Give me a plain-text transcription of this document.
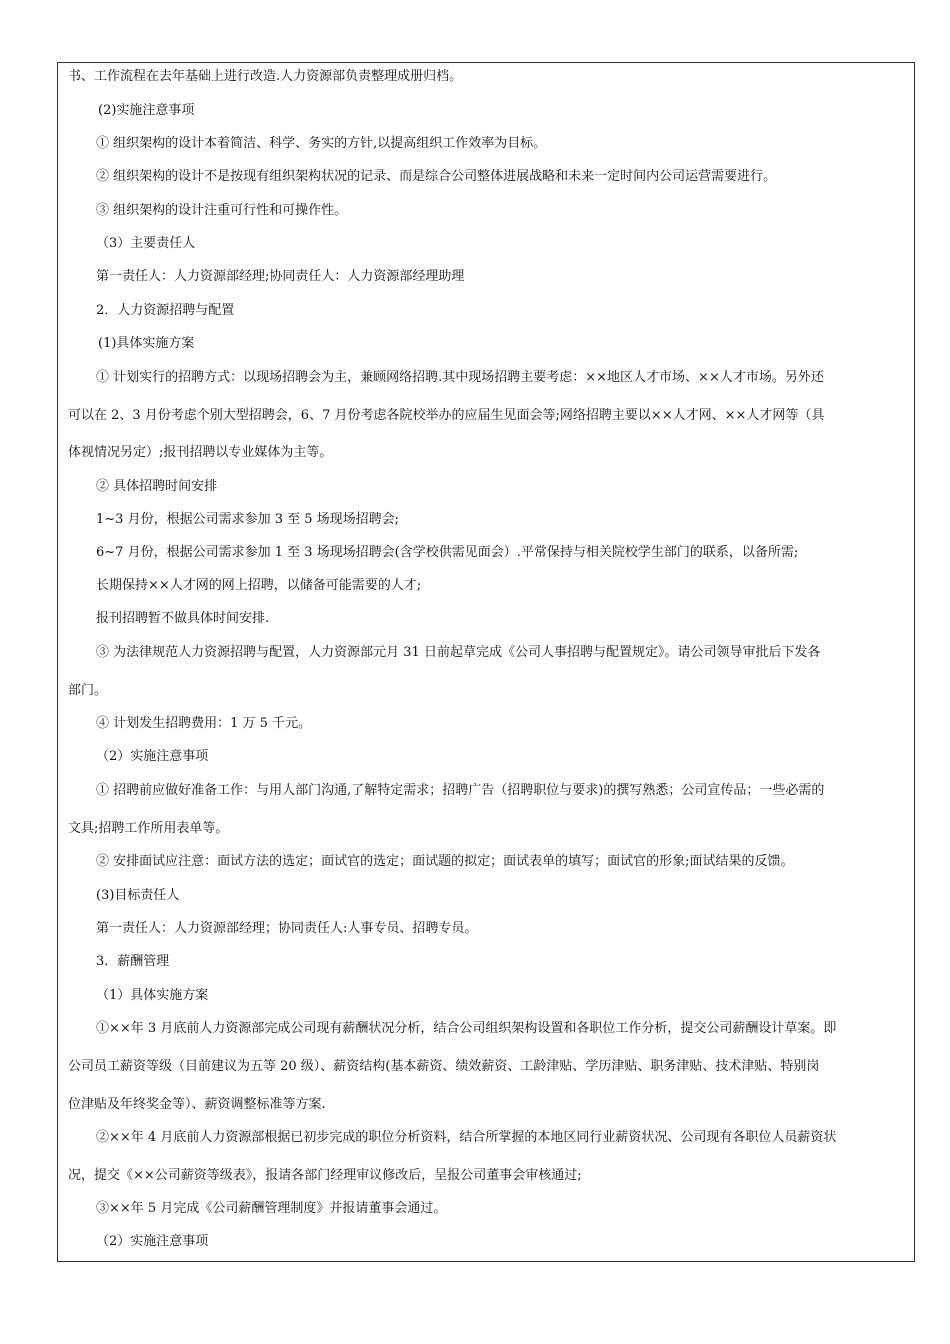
书、工作流程在去年基础上进行改造.人力资源部负责整理成册归档。
(2)实施注意事项
① 组织架构的设计本着简洁、科学、务实的方针,以提高组织工作效率为目标。
② 组织架构的设计不是按现有组织架构状况的记录、而是综合公司整体进展战略和未来一定时间内公司运营需要进行。
③ 组织架构的设计注重可行性和可操作性。
（3）主要责任人
第一责任人：人力资源部经理;协同责任人：人力资源部经理助理
2．人力资源招聘与配置
(1)具体实施方案
① 计划实行的招聘方式：以现场招聘会为主，兼顾网络招聘.其中现场招聘主要考虑：××地区人才市场、××人才市场。另外还
可以在 2、3 月份考虑个别大型招聘会，6、7 月份考虑各院校举办的应届生见面会等;网络招聘主要以××人才网、××人才网等（具
体视情况另定）;报刊招聘以专业媒体为主等。
② 具体招聘时间安排
1~3 月份，根据公司需求参加 3 至 5 场现场招聘会;
6~7 月份，根据公司需求参加 1 至 3 场现场招聘会(含学校供需见面会）.平常保持与相关院校学生部门的联系，以备所需;
长期保持××人才网的网上招聘，以储备可能需要的人才;
报刊招聘暂不做具体时间安排.
③ 为法律规范人力资源招聘与配置，人力资源部元月 31 日前起草完成《公司人事招聘与配置规定》。请公司领导审批后下发各
部门。
④ 计划发生招聘费用：1 万 5 千元。
（2）实施注意事项
① 招聘前应做好准备工作：与用人部门沟通,了解特定需求；招聘广告（招聘职位与要求)的撰写熟悉；公司宣传品；一些必需的
文具;招聘工作所用表单等。
② 安排面试应注意：面试方法的选定；面试官的选定；面试题的拟定；面试表单的填写；面试官的形象;面试结果的反馈。
(3)目标责任人
第一责任人：人力资源部经理；协同责任人:人事专员、招聘专员。
3．薪酬管理
（1）具体实施方案
①××年 3 月底前人力资源部完成公司现有薪酬状况分析，结合公司组织架构设置和各职位工作分析，提交公司薪酬设计草案。即
公司员工薪资等级（目前建议为五等 20 级）、薪资结构(基本薪资、绩效薪资、工龄津贴、学历津贴、职务津贴、技术津贴、特别岗
位津贴及年终奖金等）、薪资调整标准等方案.
②××年 4 月底前人力资源部根据已初步完成的职位分析资料，结合所掌握的本地区同行业薪资状况、公司现有各职位人员薪资状
况，提交《××公司薪资等级表》，报请各部门经理审议修改后，呈报公司董事会审核通过;
③××年 5 月完成《公司薪酬管理制度》并报请董事会通过。
（2）实施注意事项
